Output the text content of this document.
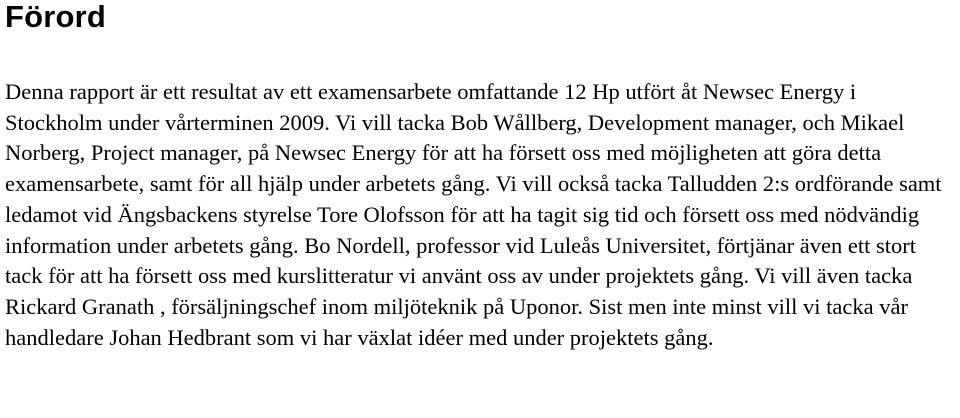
Förord

Denna rapport är ett resultat av ett examensarbete omfattande 12 Hp utfört åt Newsec Energy i Stockholm under vårterminen 2009. Vi vill tacka Bob Wållberg, Development manager, och Mikael Norberg, Project manager, på Newsec Energy för att ha försett oss med möjligheten att göra detta examensarbete, samt för all hjälp under arbetets gång. Vi vill också tacka Talludden 2:s ordförande samt ledamot vid Ängsbackens styrelse Tore Olofsson för att ha tagit sig tid och försett oss med nödvändig information under arbetets gång. Bo Nordell, professor vid Luleås Universitet, förtjänar även ett stort tack för att ha försett oss med kurslitteratur vi använt oss av under projektets gång. Vi vill även tacka Rickard Granath , försäljningschef inom miljöteknik på Uponor. Sist men inte minst vill vi tacka vår handledare Johan Hedbrant som vi har växlat idéer med under projektets gång.
